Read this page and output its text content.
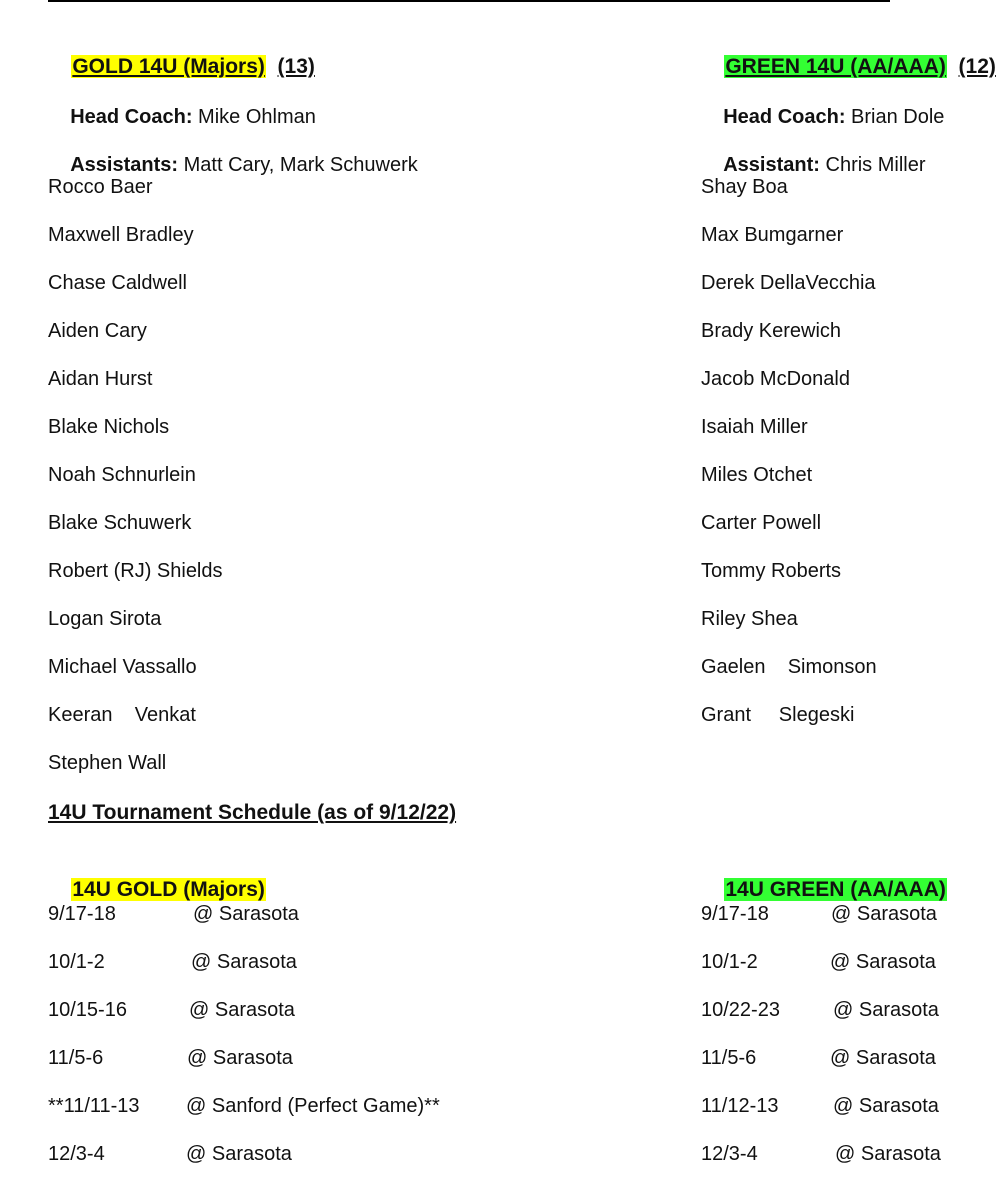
GOLD 14U (Majors) (13)

Head Coach: Mike Ohlman

Assistants: Matt Cary, Mark Schuwerk

Rocco Baer
Maxwell Bradley
Chase Caldwell
Aiden Cary
Aidan Hurst
Blake Nichols
Noah Schnurlein
Blake Schuwerk
Robert (RJ) Shields
Logan Sirota
Michael Vassallo
Keeran    Venkat
Stephen Wall
14U Tournament Schedule (as of 9/12/22)

14U GOLD (Majors)

9/17-18	@ Sarasota
10/1-2	@ Sarasota
10/15-16	@ Sarasota
11/5-6	@ Sarasota
**11/11-13 @ Sanford (Perfect Game)**
12/3-4	@ Sarasota

GREEN 14U (AA/AAA) (12)

Head Coach: Brian Dole

Assistant: Chris Miller

Shay Boa
Max Bumgarner
Derek DellaVecchia
Brady Kerewich
Jacob McDonald
Isaiah Miller
Miles Otchet
Carter Powell
Tommy Roberts
Riley Shea
Gaelen    Simonson
Grant     Slegeski

14U GREEN (AA/AAA)

9/17-18	@ Sarasota
10/1-2	@ Sarasota
10/22-23	@ Sarasota
11/5-6	@ Sarasota
11/12-13	@ Sarasota
12/3-4	@ Sarasota
